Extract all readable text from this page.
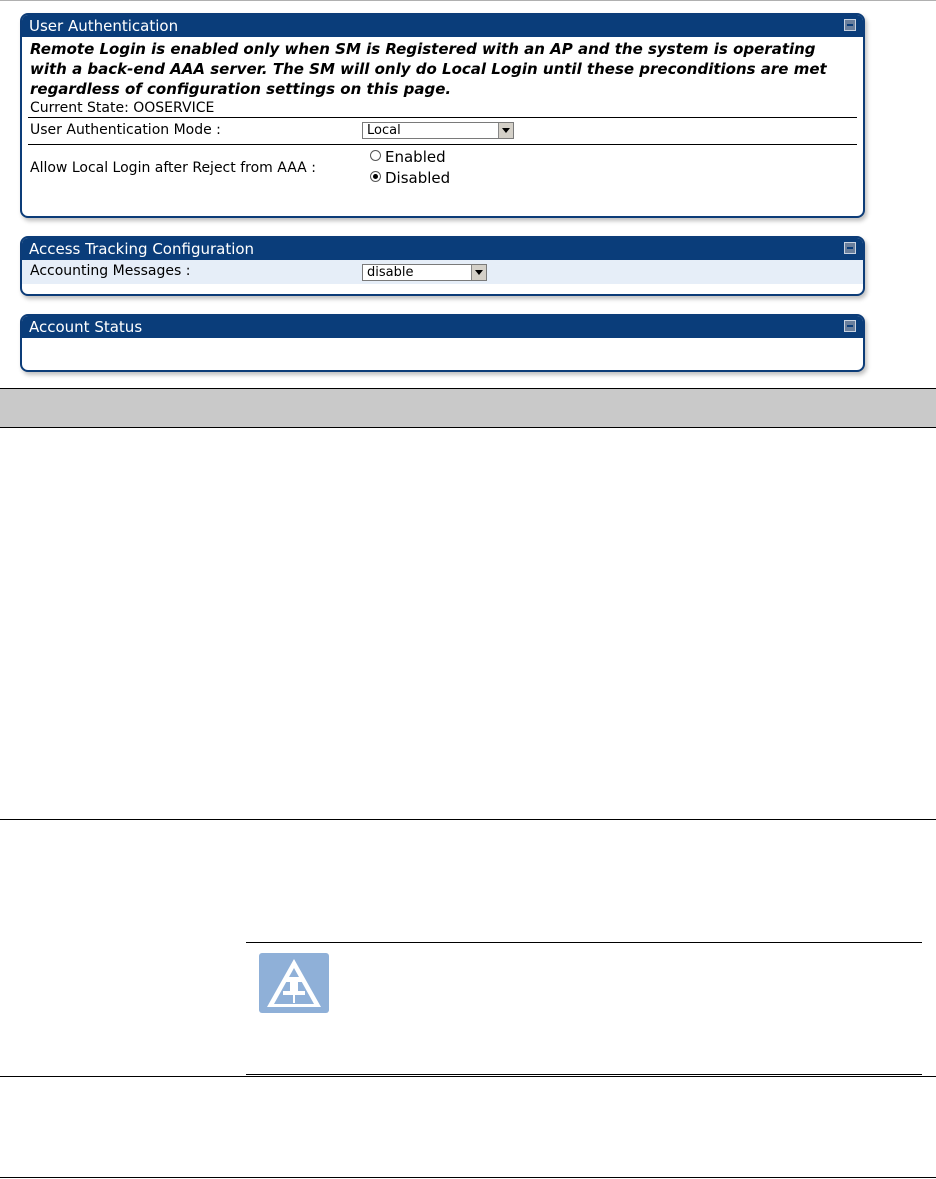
User Authentication
Remote Login is enabled only when SM is Registered with an AP and the system is operating with a back-end AAA server. The SM will only do Local Login until these preconditions are met regardless of configuration settings on this page.
Current State: OOSERVICE
User Authentication Mode :	Local
Allow Local Login after Reject from AAA :
Enabled
Disabled
Access Tracking Configuration
Accounting Messages :	disable
Account Status
